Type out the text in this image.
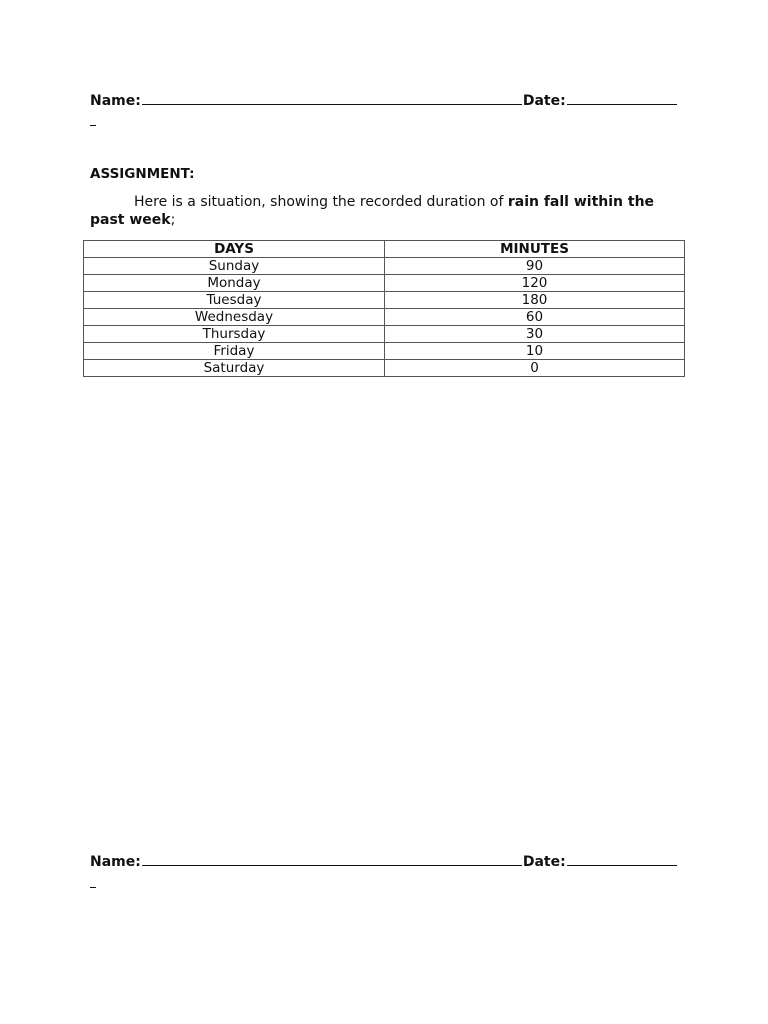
Name:	Date:
ASSIGNMENT:
Here is a situation, showing the recorded duration of rain fall within the past week;
DAYS	MINUTES
Sunday	90
Monday	120
Tuesday	180
Wednesday	60
Thursday	30
Friday	10
Saturday	0
Name:	Date:
